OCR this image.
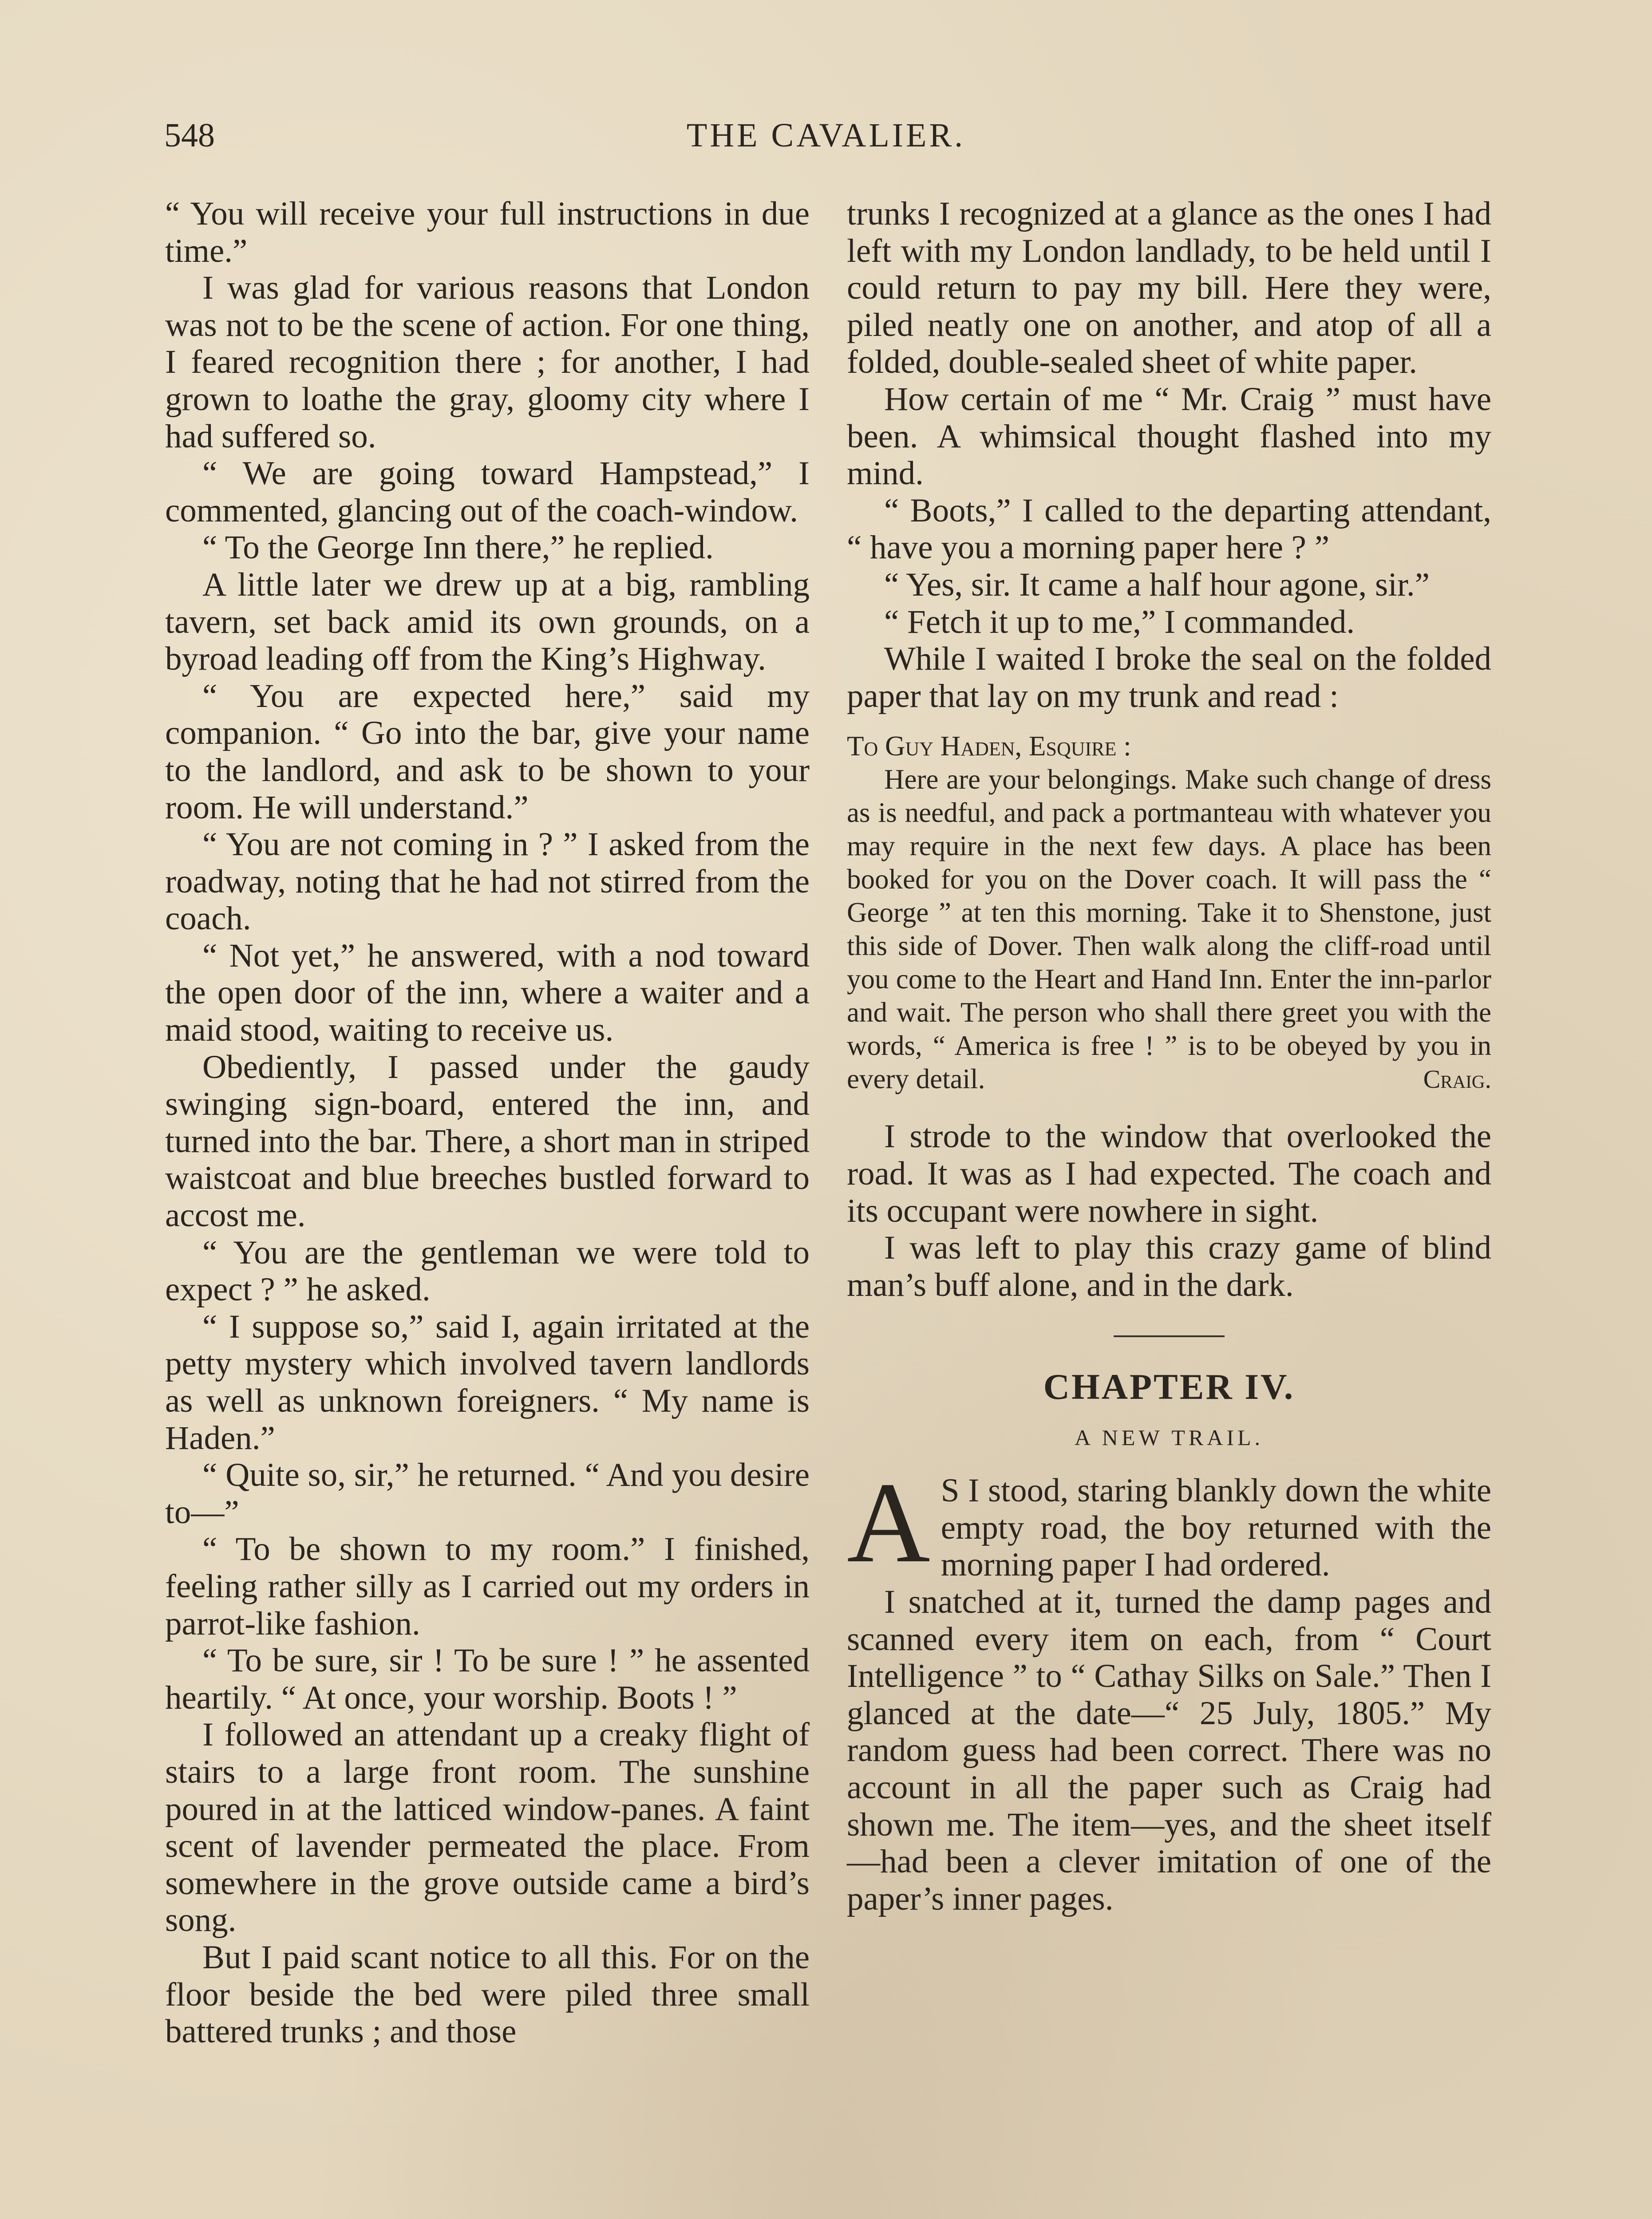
548	THE CAVALIER.

“ You will receive your full instructions in due time.”

I was glad for various reasons that London was not to be the scene of action. For one thing, I feared recognition there ; for another, I had grown to loathe the gray, gloomy city where I had suffered so.

“ We are going toward Hampstead,” I commented, glancing out of the coach-window.

“ To the George Inn there,” he replied.

A little later we drew up at a big, rambling tavern, set back amid its own grounds, on a byroad leading off from the King’s Highway.

“ You are expected here,” said my companion. “ Go into the bar, give your name to the landlord, and ask to be shown to your room. He will understand.”

“ You are not coming in ? ” I asked from the roadway, noting that he had not stirred from the coach.

“ Not yet,” he answered, with a nod toward the open door of the inn, where a waiter and a maid stood, waiting to receive us.

Obediently, I passed under the gaudy swinging sign-board, entered the inn, and turned into the bar. There, a short man in striped waistcoat and blue breeches bustled forward to accost me.

“ You are the gentleman we were told to expect ? ” he asked.

“ I suppose so,” said I, again irritated at the petty mystery which involved tavern landlords as well as unknown foreigners. “ My name is Haden.”

“ Quite so, sir,” he returned. “ And you desire to—”

“ To be shown to my room.” I finished, feeling rather silly as I carried out my orders in parrot-like fashion.

“ To be sure, sir ! To be sure ! ” he assented heartily. “ At once, your worship. Boots ! ”

I followed an attendant up a creaky flight of stairs to a large front room. The sunshine poured in at the latticed window-panes. A faint scent of lavender permeated the place. From somewhere in the grove outside came a bird’s song.

But I paid scant notice to all this. For on the floor beside the bed were piled three small battered trunks ; and those

trunks I recognized at a glance as the ones I had left with my London landlady, to be held until I could return to pay my bill. Here they were, piled neatly one on another, and atop of all a folded, double-sealed sheet of white paper.

How certain of me “ Mr. Craig ” must have been. A whimsical thought flashed into my mind.

“ Boots,” I called to the departing attendant, “ have you a morning paper here ? ”

“ Yes, sir. It came a half hour agone, sir.”

“ Fetch it up to me,” I commanded.

While I waited I broke the seal on the folded paper that lay on my trunk and read :

To Guy Haden, Esquire :
Here are your belongings. Make such change of dress as is needful, and pack a portmanteau with whatever you may require in the next few days. A place has been booked for you on the Dover coach. It will pass the “ George ” at ten this morning. Take it to Shenstone, just this side of Dover. Then walk along the cliff-road until you come to the Heart and Hand Inn. Enter the inn-parlor and wait. The person who shall there greet you with the words, “ America is free ! ” is to be obeyed by you in every detail.	Craig.

I strode to the window that overlooked the road. It was as I had expected. The coach and its occupant were nowhere in sight.

I was left to play this crazy game of blind man’s buff alone, and in the dark.

CHAPTER IV.
A NEW TRAIL.

A S I stood, staring blankly down the white empty road, the boy returned with the morning paper I had ordered.

I snatched at it, turned the damp pages and scanned every item on each, from “ Court Intelligence ” to “ Cathay Silks on Sale.” Then I glanced at the date—“ 25 July, 1805.” My random guess had been correct. There was no account in all the paper such as Craig had shown me. The item—yes, and the sheet itself—had been a clever imitation of one of the paper’s inner pages.
